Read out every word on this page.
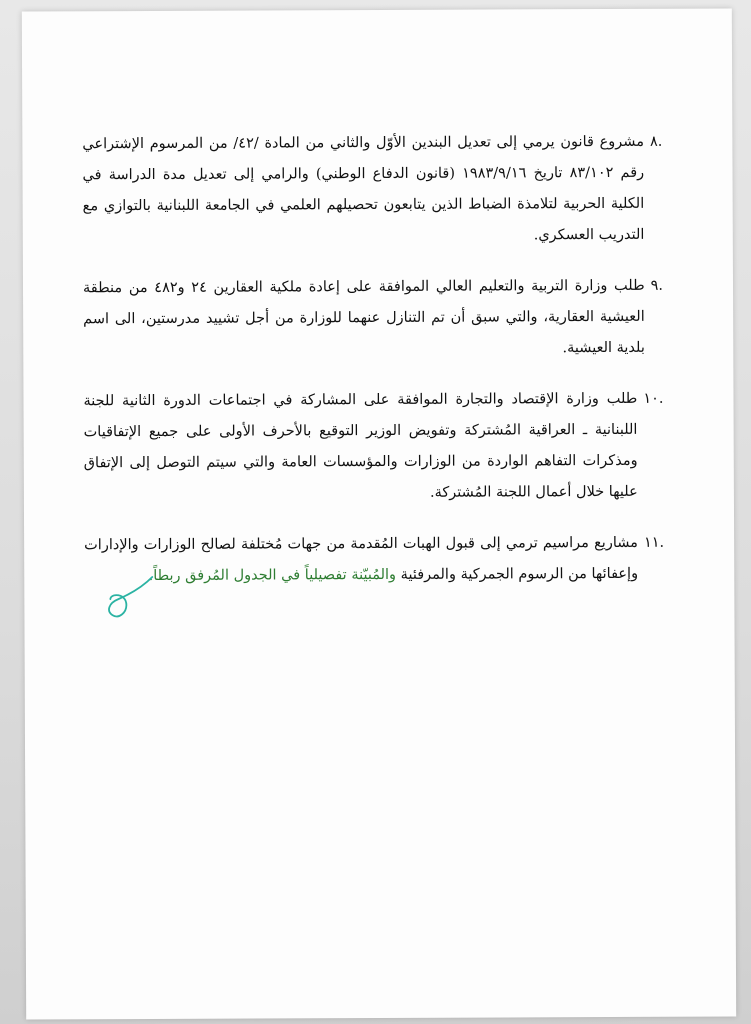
.٨
مشروع قانون يرمي إلى تعديل البندين الأوّل والثاني من المادة /٤٢/ من المرسوم الإشتراعي رقم ٨٣/١٠٢ تاريخ ١٩٨٣/٩/١٦ (قانون الدفاع الوطني) والرامي إلى تعديل مدة الدراسة في الكلية الحربية لتلامذة الضباط الذين يتابعون تحصيلهم العلمي في الجامعة اللبنانية بالتوازي مع التدريب العسكري.
.٩
طلب وزارة التربية والتعليم العالي الموافقة على إعادة ملكية العقارين ٢٤ و٤٨٢ من منطقة العيشية العقارية، والتي سبق أن تم التنازل عنهما للوزارة من أجل تشييد مدرستين، الى اسم بلدية العيشية.
.١٠
طلب وزارة الإقتصاد والتجارة الموافقة على المشاركة في اجتماعات الدورة الثانية للجنة اللبنانية ـ العراقية المُشتركة وتفويض الوزير التوقيع بالأحرف الأولى على جميع الإتفاقيات ومذكرات التفاهم الواردة من الوزارات والمؤسسات العامة والتي سيتم التوصل إلى الإتفاق عليها خلال أعمال اللجنة المُشتركة.
.١١
مشاريع مراسيم ترمي إلى قبول الهبات المُقدمة من جهات مُختلفة لصالح الوزارات والإدارات وإعفائها من الرسوم الجمركية والمرفئية والمُبيّنة تفصيلياً في الجدول المُرفق ربطاً.
